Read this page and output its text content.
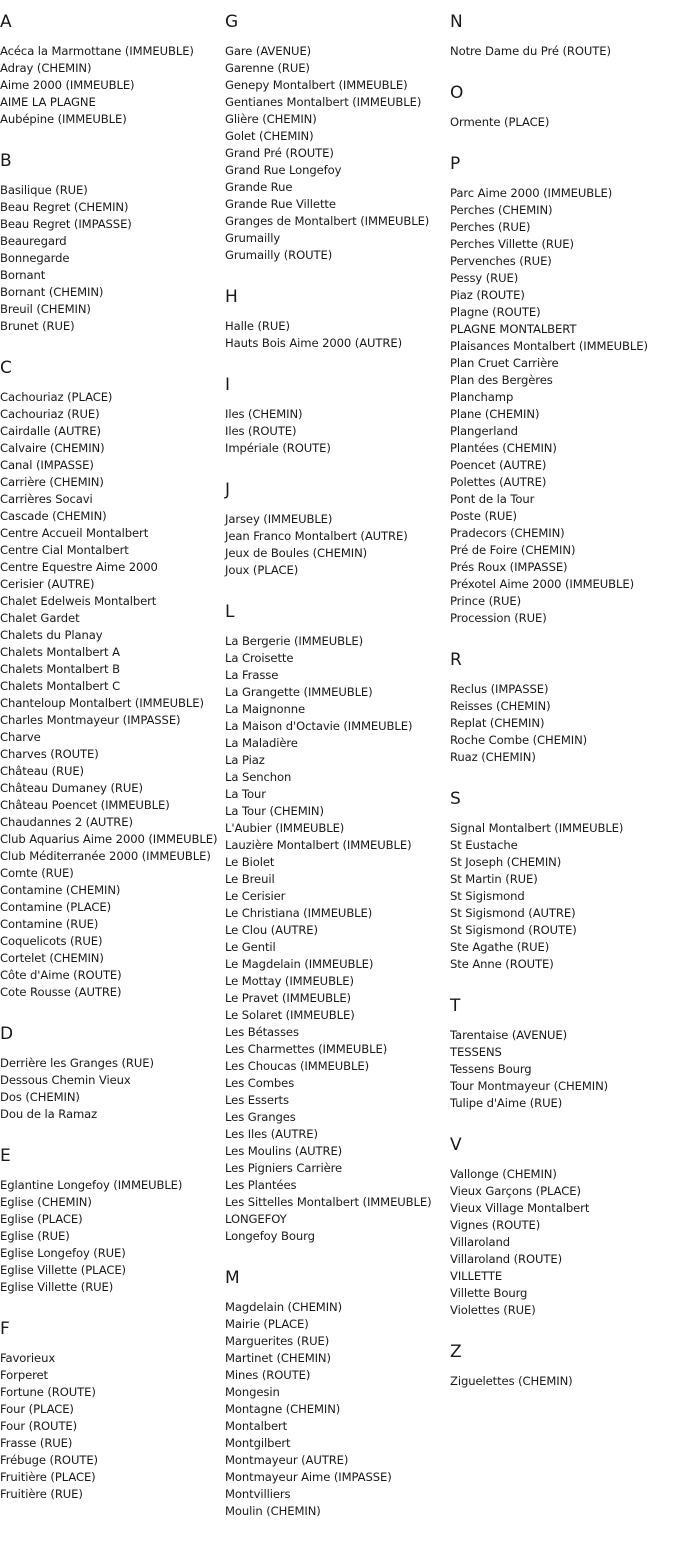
A
Acéca la Marmottane (IMMEUBLE)
Adray (CHEMIN)
Aime 2000 (IMMEUBLE)
AIME LA PLAGNE
Aubépine (IMMEUBLE)
B
Basilique (RUE)
Beau Regret (CHEMIN)
Beau Regret (IMPASSE)
Beauregard
Bonnegarde
Bornant
Bornant (CHEMIN)
Breuil (CHEMIN)
Brunet (RUE)
C
Cachouriaz (PLACE)
Cachouriaz (RUE)
Cairdalle (AUTRE)
Calvaire (CHEMIN)
Canal (IMPASSE)
Carrière (CHEMIN)
Carrières Socavi
Cascade (CHEMIN)
Centre Accueil Montalbert
Centre Cial Montalbert
Centre Equestre Aime 2000
Cerisier (AUTRE)
Chalet Edelweis Montalbert
Chalet Gardet
Chalets du Planay
Chalets Montalbert A
Chalets Montalbert B
Chalets Montalbert C
Chanteloup Montalbert (IMMEUBLE)
Charles Montmayeur (IMPASSE)
Charve
Charves (ROUTE)
Château (RUE)
Château Dumaney (RUE)
Château Poencet (IMMEUBLE)
Chaudannes 2 (AUTRE)
Club Aquarius Aime 2000 (IMMEUBLE)
Club Méditerranée 2000 (IMMEUBLE)
Comte (RUE)
Contamine (CHEMIN)
Contamine (PLACE)
Contamine (RUE)
Coquelicots (RUE)
Cortelet (CHEMIN)
Côte d'Aime (ROUTE)
Cote Rousse (AUTRE)
D
Derrière les Granges (RUE)
Dessous Chemin Vieux
Dos (CHEMIN)
Dou de la Ramaz
E
Eglantine Longefoy (IMMEUBLE)
Eglise (CHEMIN)
Eglise (PLACE)
Eglise (RUE)
Eglise Longefoy (RUE)
Eglise Villette (PLACE)
Eglise Villette (RUE)
F
Favorieux
Forperet
Fortune (ROUTE)
Four (PLACE)
Four (ROUTE)
Frasse (RUE)
Frébuge (ROUTE)
Fruitière (PLACE)
Fruitière (RUE)
G
Gare (AVENUE)
Garenne (RUE)
Genepy Montalbert (IMMEUBLE)
Gentianes Montalbert (IMMEUBLE)
Glière (CHEMIN)
Golet (CHEMIN)
Grand Pré (ROUTE)
Grand Rue Longefoy
Grande Rue
Grande Rue Villette
Granges de Montalbert (IMMEUBLE)
Grumailly
Grumailly (ROUTE)
H
Halle (RUE)
Hauts Bois Aime 2000 (AUTRE)
I
Iles (CHEMIN)
Iles (ROUTE)
Impériale (ROUTE)
J
Jarsey (IMMEUBLE)
Jean Franco Montalbert (AUTRE)
Jeux de Boules (CHEMIN)
Joux (PLACE)
L
La Bergerie (IMMEUBLE)
La Croisette
La Frasse
La Grangette (IMMEUBLE)
La Maignonne
La Maison d'Octavie (IMMEUBLE)
La Maladière
La Piaz
La Senchon
La Tour
La Tour (CHEMIN)
L'Aubier (IMMEUBLE)
Lauzière Montalbert (IMMEUBLE)
Le Biolet
Le Breuil
Le Cerisier
Le Christiana (IMMEUBLE)
Le Clou (AUTRE)
Le Gentil
Le Magdelain (IMMEUBLE)
Le Mottay (IMMEUBLE)
Le Pravet (IMMEUBLE)
Le Solaret (IMMEUBLE)
Les Bétasses
Les Charmettes (IMMEUBLE)
Les Choucas (IMMEUBLE)
Les Combes
Les Esserts
Les Granges
Les Iles (AUTRE)
Les Moulins (AUTRE)
Les Pigniers Carrière
Les Plantées
Les Sittelles Montalbert (IMMEUBLE)
LONGEFOY
Longefoy Bourg
M
Magdelain (CHEMIN)
Mairie (PLACE)
Marguerites (RUE)
Martinet (CHEMIN)
Mines (ROUTE)
Mongesin
Montagne (CHEMIN)
Montalbert
Montgilbert
Montmayeur (AUTRE)
Montmayeur Aime (IMPASSE)
Montvilliers
Moulin (CHEMIN)
N
Notre Dame du Pré (ROUTE)
O
Ormente (PLACE)
P
Parc Aime 2000 (IMMEUBLE)
Perches (CHEMIN)
Perches (RUE)
Perches Villette (RUE)
Pervenches (RUE)
Pessy (RUE)
Piaz (ROUTE)
Plagne (ROUTE)
PLAGNE MONTALBERT
Plaisances Montalbert (IMMEUBLE)
Plan Cruet Carrière
Plan des Bergères
Planchamp
Plane (CHEMIN)
Plangerland
Plantées (CHEMIN)
Poencet (AUTRE)
Polettes (AUTRE)
Pont de la Tour
Poste (RUE)
Pradecors (CHEMIN)
Pré de Foire (CHEMIN)
Prés Roux (IMPASSE)
Préxotel Aime 2000 (IMMEUBLE)
Prince (RUE)
Procession (RUE)
R
Reclus (IMPASSE)
Reisses (CHEMIN)
Replat (CHEMIN)
Roche Combe (CHEMIN)
Ruaz (CHEMIN)
S
Signal Montalbert (IMMEUBLE)
St Eustache
St Joseph (CHEMIN)
St Martin (RUE)
St Sigismond
St Sigismond (AUTRE)
St Sigismond (ROUTE)
Ste Agathe (RUE)
Ste Anne (ROUTE)
T
Tarentaise (AVENUE)
TESSENS
Tessens Bourg
Tour Montmayeur (CHEMIN)
Tulipe d'Aime (RUE)
V
Vallonge (CHEMIN)
Vieux Garçons (PLACE)
Vieux Village Montalbert
Vignes (ROUTE)
Villaroland
Villaroland (ROUTE)
VILLETTE
Villette Bourg
Violettes (RUE)
Z
Ziguelettes (CHEMIN)
